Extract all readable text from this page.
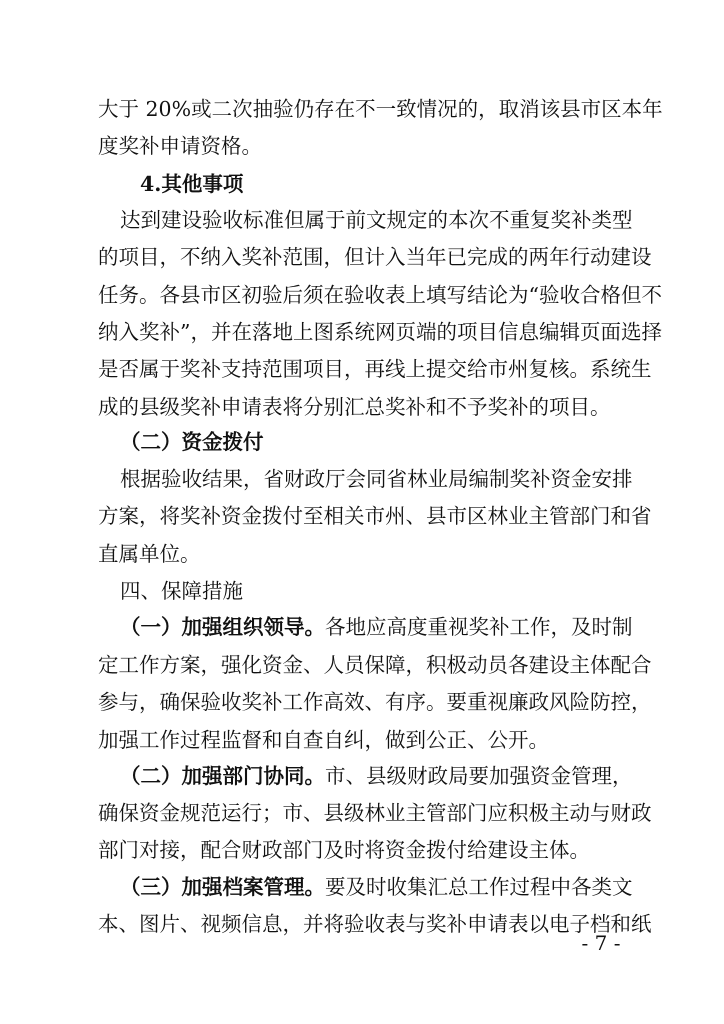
大于 20%或二次抽验仍存在不一致情况的，取消该县市区本年
度奖补申请资格。
4.其他事项
达到建设验收标准但属于前文规定的本次不重复奖补类型
的项目，不纳入奖补范围，但计入当年已完成的两年行动建设
任务。各县市区初验后须在验收表上填写结论为“验收合格但不
纳入奖补”，并在落地上图系统网页端的项目信息编辑页面选择
是否属于奖补支持范围项目，再线上提交给市州复核。系统生
成的县级奖补申请表将分别汇总奖补和不予奖补的项目。
（二）资金拨付
根据验收结果，省财政厅会同省林业局编制奖补资金安排
方案，将奖补资金拨付至相关市州、县市区林业主管部门和省
直属单位。
四、保障措施
（一）加强组织领导。 各地应高度重视奖补工作，及时制
定工作方案，强化资金、人员保障，积极动员各建设主体配合
参与，确保验收奖补工作高效、有序。要重视廉政风险防控，
加强工作过程监督和自查自纠，做到公正、公开。
（二）加强部门协同。 市、县级财政局要加强资金管理，
确保资金规范运行；市、县级林业主管部门应积极主动与财政
部门对接，配合财政部门及时将资金拨付给建设主体。
（三）加强档案管理。 要及时收集汇总工作过程中各类文
本、图片、视频信息，并将验收表与奖补申请表以电子档和纸
- 7 -
